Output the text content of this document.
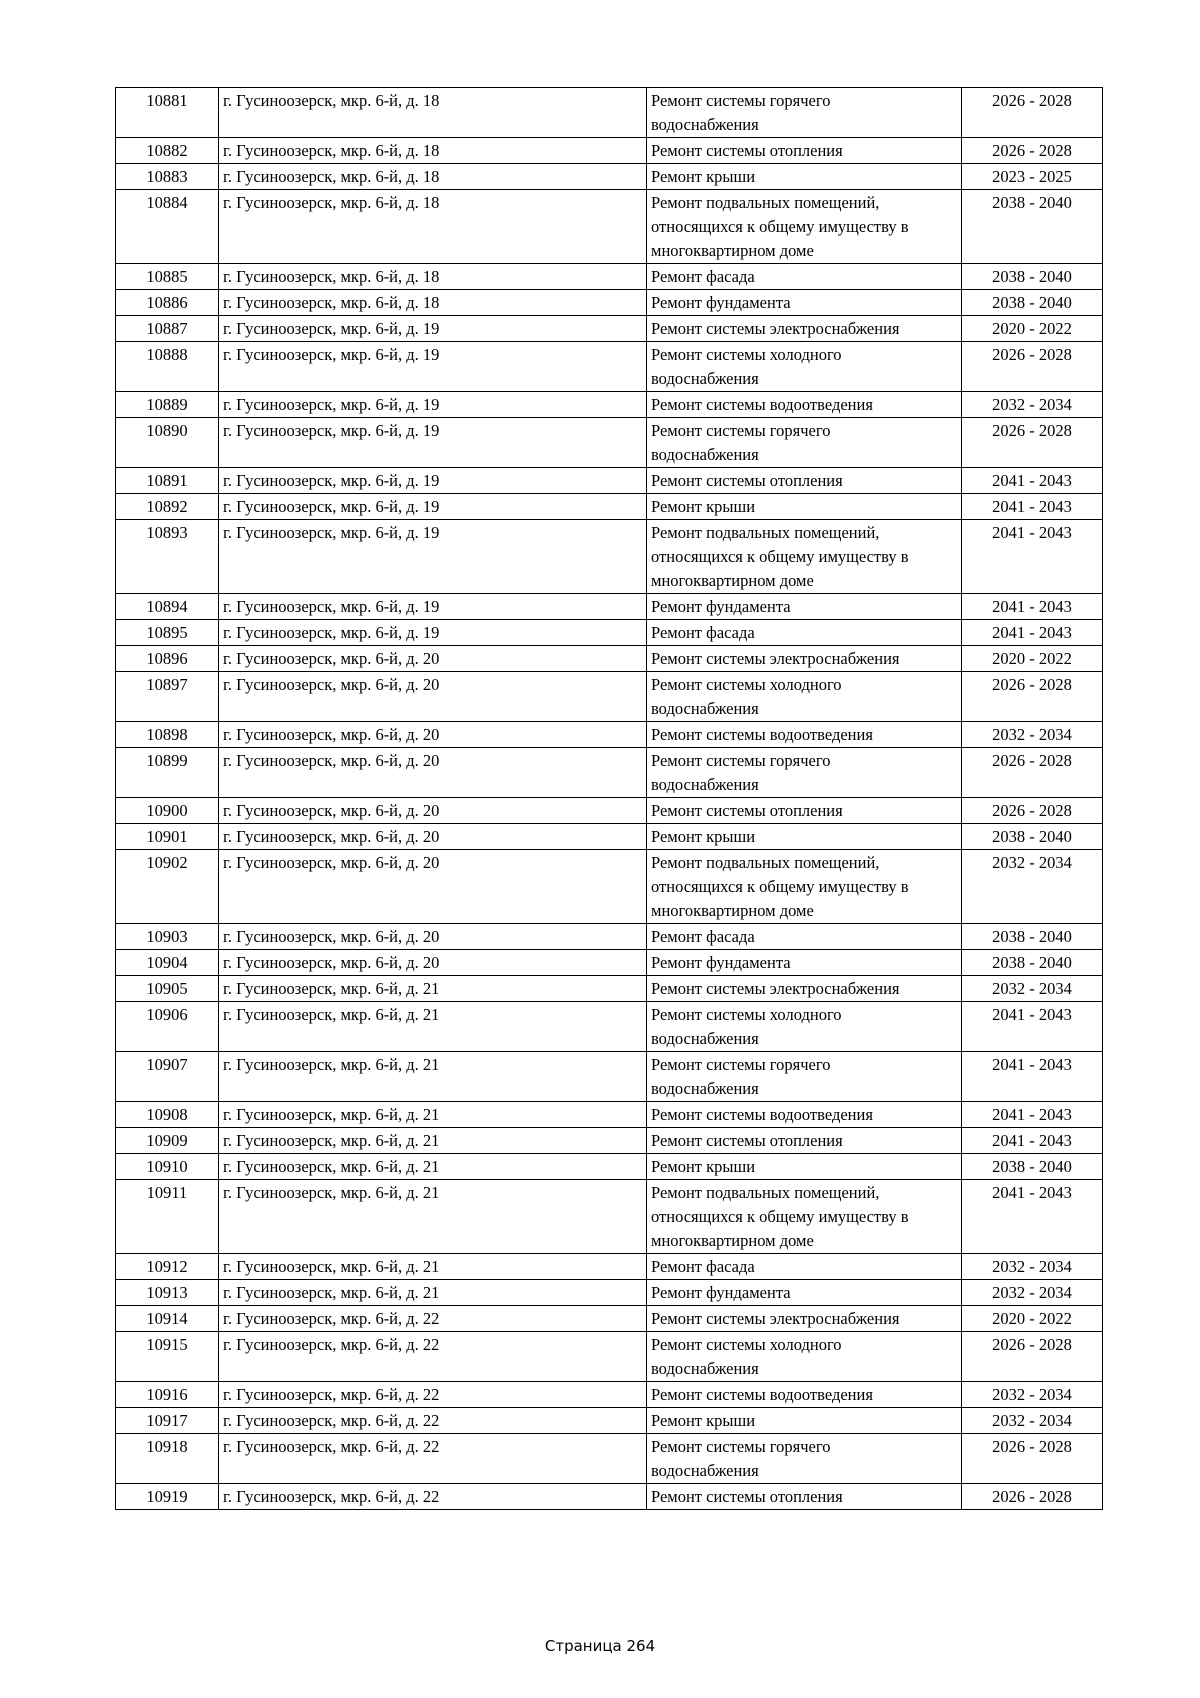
10881	г. Гусиноозерск, мкр. 6-й, д. 18	Ремонт системы горячего
водоснабжения	2026 - 2028
10882	г. Гусиноозерск, мкр. 6-й, д. 18	Ремонт системы отопления	2026 - 2028
10883	г. Гусиноозерск, мкр. 6-й, д. 18	Ремонт крыши	2023 - 2025
10884	г. Гусиноозерск, мкр. 6-й, д. 18	Ремонт подвальных помещений,
относящихся к общему имуществу в
многоквартирном доме	2038 - 2040
10885	г. Гусиноозерск, мкр. 6-й, д. 18	Ремонт фасада	2038 - 2040
10886	г. Гусиноозерск, мкр. 6-й, д. 18	Ремонт фундамента	2038 - 2040
10887	г. Гусиноозерск, мкр. 6-й, д. 19	Ремонт системы электроснабжения	2020 - 2022
10888	г. Гусиноозерск, мкр. 6-й, д. 19	Ремонт системы холодного
водоснабжения	2026 - 2028
10889	г. Гусиноозерск, мкр. 6-й, д. 19	Ремонт системы водоотведения	2032 - 2034
10890	г. Гусиноозерск, мкр. 6-й, д. 19	Ремонт системы горячего
водоснабжения	2026 - 2028
10891	г. Гусиноозерск, мкр. 6-й, д. 19	Ремонт системы отопления	2041 - 2043
10892	г. Гусиноозерск, мкр. 6-й, д. 19	Ремонт крыши	2041 - 2043
10893	г. Гусиноозерск, мкр. 6-й, д. 19	Ремонт подвальных помещений,
относящихся к общему имуществу в
многоквартирном доме	2041 - 2043
10894	г. Гусиноозерск, мкр. 6-й, д. 19	Ремонт фундамента	2041 - 2043
10895	г. Гусиноозерск, мкр. 6-й, д. 19	Ремонт фасада	2041 - 2043
10896	г. Гусиноозерск, мкр. 6-й, д. 20	Ремонт системы электроснабжения	2020 - 2022
10897	г. Гусиноозерск, мкр. 6-й, д. 20	Ремонт системы холодного
водоснабжения	2026 - 2028
10898	г. Гусиноозерск, мкр. 6-й, д. 20	Ремонт системы водоотведения	2032 - 2034
10899	г. Гусиноозерск, мкр. 6-й, д. 20	Ремонт системы горячего
водоснабжения	2026 - 2028
10900	г. Гусиноозерск, мкр. 6-й, д. 20	Ремонт системы отопления	2026 - 2028
10901	г. Гусиноозерск, мкр. 6-й, д. 20	Ремонт крыши	2038 - 2040
10902	г. Гусиноозерск, мкр. 6-й, д. 20	Ремонт подвальных помещений,
относящихся к общему имуществу в
многоквартирном доме	2032 - 2034
10903	г. Гусиноозерск, мкр. 6-й, д. 20	Ремонт фасада	2038 - 2040
10904	г. Гусиноозерск, мкр. 6-й, д. 20	Ремонт фундамента	2038 - 2040
10905	г. Гусиноозерск, мкр. 6-й, д. 21	Ремонт системы электроснабжения	2032 - 2034
10906	г. Гусиноозерск, мкр. 6-й, д. 21	Ремонт системы холодного
водоснабжения	2041 - 2043
10907	г. Гусиноозерск, мкр. 6-й, д. 21	Ремонт системы горячего
водоснабжения	2041 - 2043
10908	г. Гусиноозерск, мкр. 6-й, д. 21	Ремонт системы водоотведения	2041 - 2043
10909	г. Гусиноозерск, мкр. 6-й, д. 21	Ремонт системы отопления	2041 - 2043
10910	г. Гусиноозерск, мкр. 6-й, д. 21	Ремонт крыши	2038 - 2040
10911	г. Гусиноозерск, мкр. 6-й, д. 21	Ремонт подвальных помещений,
относящихся к общему имуществу в
многоквартирном доме	2041 - 2043
10912	г. Гусиноозерск, мкр. 6-й, д. 21	Ремонт фасада	2032 - 2034
10913	г. Гусиноозерск, мкр. 6-й, д. 21	Ремонт фундамента	2032 - 2034
10914	г. Гусиноозерск, мкр. 6-й, д. 22	Ремонт системы электроснабжения	2020 - 2022
10915	г. Гусиноозерск, мкр. 6-й, д. 22	Ремонт системы холодного
водоснабжения	2026 - 2028
10916	г. Гусиноозерск, мкр. 6-й, д. 22	Ремонт системы водоотведения	2032 - 2034
10917	г. Гусиноозерск, мкр. 6-й, д. 22	Ремонт крыши	2032 - 2034
10918	г. Гусиноозерск, мкр. 6-й, д. 22	Ремонт системы горячего
водоснабжения	2026 - 2028
10919	г. Гусиноозерск, мкр. 6-й, д. 22	Ремонт системы отопления	2026 - 2028
Страница 264
